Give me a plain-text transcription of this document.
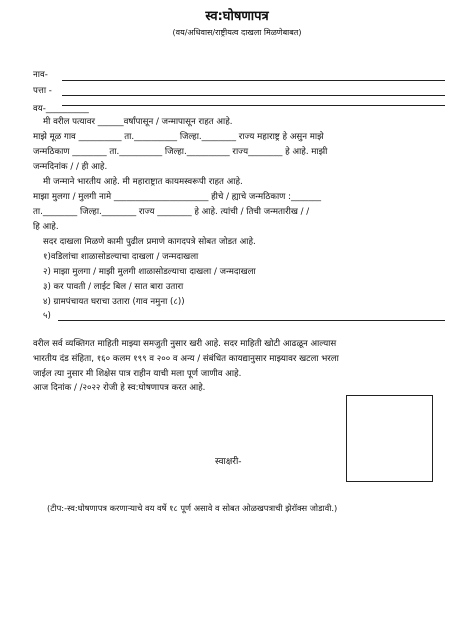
स्व:घोषणापत्र
(वय/अधिवास/राष्ट्रीयत्व दाखला मिळणेबाबत)
नाव-
पत्ता -
वय-__________
मी वरील पत्यावर ______वर्षांपासून / जन्मापासून राहत आहे.
माझे मूळ गाव __________ ता.__________ जिल्हा.________ राज्य महाराष्ट्र हे असुन माझे
जन्मठिकाण ________ ता.__________ जिल्हा.__________ राज्य________ हे आहे. माझी
जन्मदिनांक / / ही आहे.
मी जन्माने भारतीय आहे. मी महाराष्ट्रात कायमस्वरूपी राहत आहे.
माझा मुलगा / मुलगी नामे ______________________ हीचे / ह्याचे जन्मठिकाण :_______
ता.________ जिल्हा.________ राज्य ________ हे आहे. त्यांची / तिची जन्मतारीख / /
हि आहे.
सदर दाखला मिळणे कामी पुढील प्रमाणे कागदपत्रे सोबत जोडत आहे.
१)वडिलांचा शाळासोडल्याचा दाखला / जन्मदाखला
२) माझा मुलगा / माझी मुलगी शाळासोडल्याचा दाखला / जन्मदाखला
३) कर पावती / लाईट बिल / सात बारा उतारा
४) ग्रामपंचायत घराचा उतारा (गाव नमुना (८))
५)
वरील सर्व व्यक्तिगत माहिती माझ्या समजुती नुसार खरी आहे. सदर माहिती खोटी आढळून आल्यास
भारतीय दंड संहिता, १६० कलम १९९ व २०० व अन्य / संबंधित कायद्यानुसार माझ्यावर खटला भरला
जाईल त्या नुसार मी शिक्षेस पात्र राहीन याची मला पूर्ण जाणीव आहे.
आज दिनांक / /२०२२ रोजी हे स्व:घोषणापत्र करत आहे.
स्वाक्षरी-
(टीप:-स्व:घोषणापत्र करणाऱ्याचे वय वर्षे १८ पूर्ण असावे व सोबत ओळखपत्राची झेरॉक्स जोडावी.)
